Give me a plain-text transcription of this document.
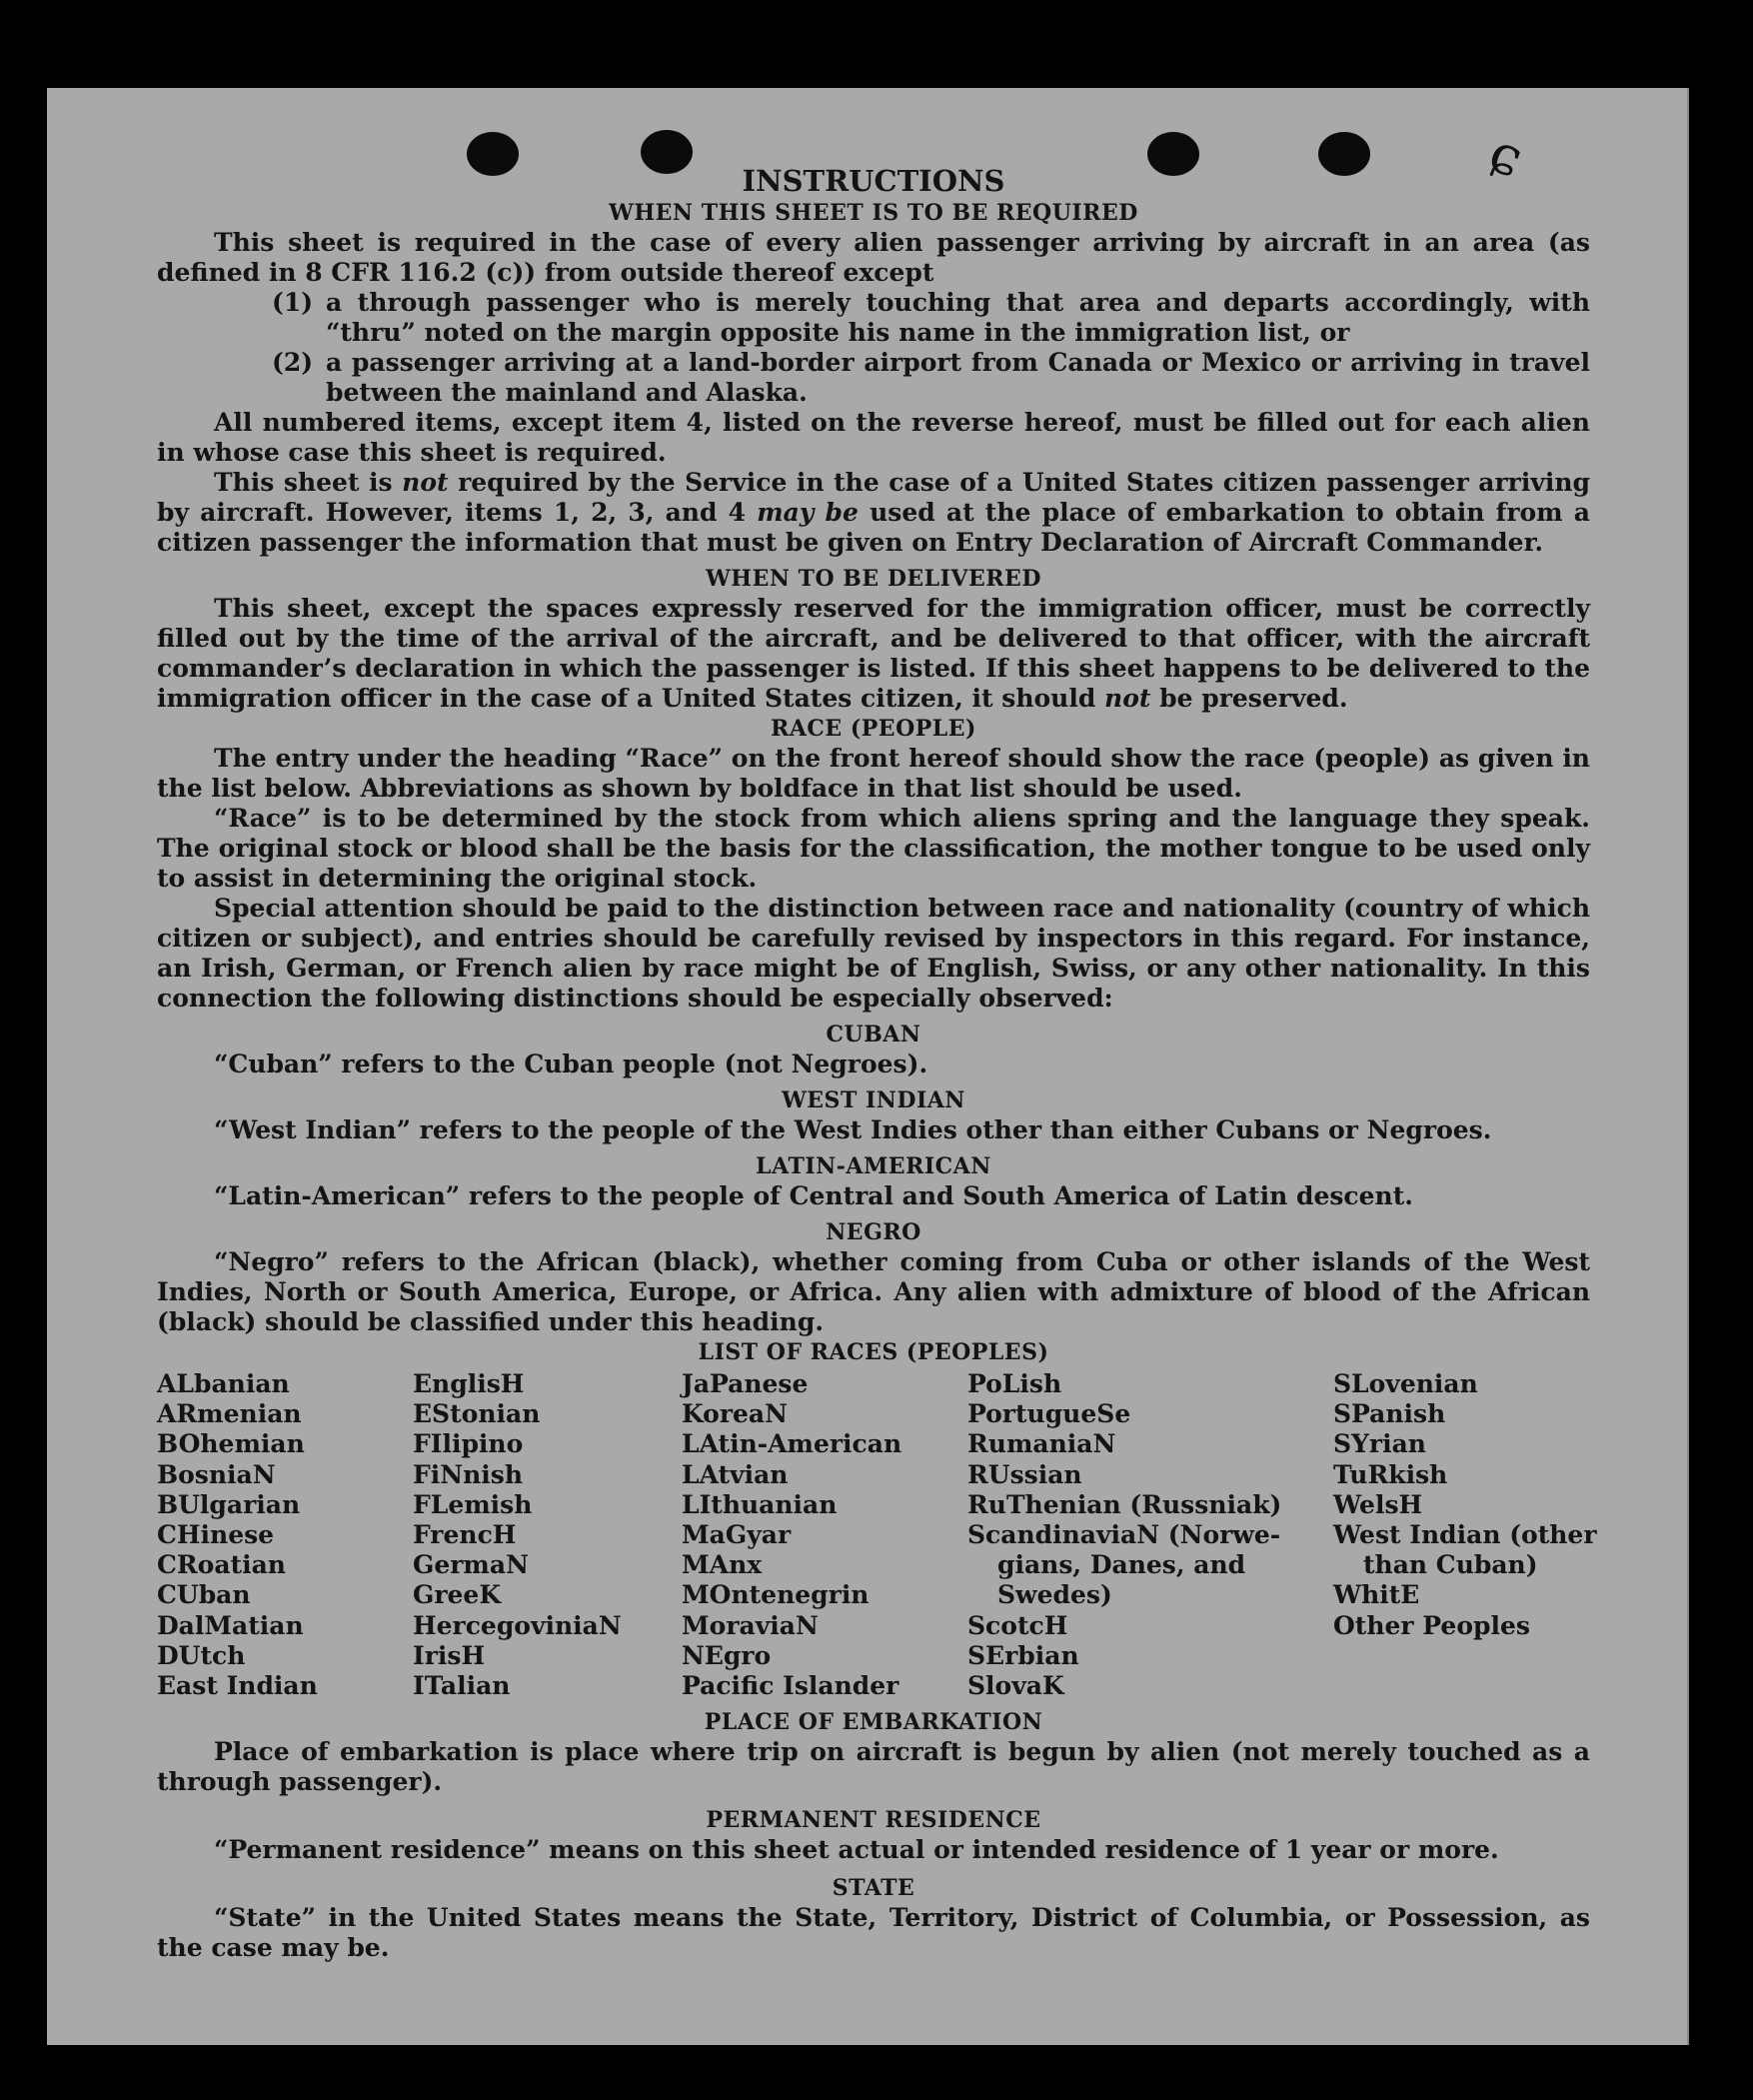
ɕ
INSTRUCTIONS
WHEN THIS SHEET IS TO BE REQUIRED

This sheet is required in the case of every alien passenger arriving by aircraft in an area (as defined in 8 CFR 116.2 (c)) from outside thereof except

(1) a through passenger who is merely touching that area and departs accordingly, with “thru” noted on the margin opposite his name in the immigration list, or
(2) a passenger arriving at a land-border airport from Canada or Mexico or arriving in travel between the mainland and Alaska.

All numbered items, except item 4, listed on the reverse hereof, must be filled out for each alien in whose case this sheet is required.

This sheet is not required by the Service in the case of a United States citizen passenger arriving by aircraft. However, items 1, 2, 3, and 4 may be used at the place of embarkation to obtain from a citizen passenger the information that must be given on Entry Declaration of Aircraft Commander.

WHEN TO BE DELIVERED

This sheet, except the spaces expressly reserved for the immigration officer, must be correctly filled out by the time of the arrival of the aircraft, and be delivered to that officer, with the aircraft commander’s declaration in which the passenger is listed. If this sheet happens to be delivered to the immigration officer in the case of a United States citizen, it should not be preserved.

RACE (PEOPLE)

The entry under the heading “Race” on the front hereof should show the race (people) as given in the list below. Abbreviations as shown by boldface in that list should be used.

“Race” is to be determined by the stock from which aliens spring and the language they speak. The original stock or blood shall be the basis for the classification, the mother tongue to be used only to assist in determining the original stock.

Special attention should be paid to the distinction between race and nationality (country of which citizen or subject), and entries should be carefully revised by inspectors in this regard. For instance, an Irish, German, or French alien by race might be of English, Swiss, or any other nationality. In this connection the following distinctions should be especially observed:

CUBAN

“Cuban” refers to the Cuban people (not Negroes).

WEST INDIAN

“West Indian” refers to the people of the West Indies other than either Cubans or Negroes.

LATIN-AMERICAN

“Latin-American” refers to the people of Central and South America of Latin descent.

NEGRO

“Negro” refers to the African (black), whether coming from Cuba or other islands of the West Indies, North or South America, Europe, or Africa. Any alien with admixture of blood of the African (black) should be classified under this heading.

LIST OF RACES (PEOPLES)
ALbanian
ARmenian
BOhemian
BosniaN
BUlgarian
CHinese
CRoatian
CUban
DalMatian
DUtch
East Indian
EnglisH
EStonian
FIlipino
FiNnish
FLemish
FrencH
GermaN
GreeK
HercegoviniaN
IrisH
ITalian
JaPanese
KoreaN
LAtin-American
LAtvian
LIthuanian
MaGyar
MAnx
MOntenegrin
MoraviaN
NEgro
Pacific Islander
PoLish
PortugueSe
RumaniaN
RUssian
RuThenian (Russniak)
ScandinaviaN (Norwe-
gians, Danes, and
Swedes)
ScotcH
SErbian
SlovaK
SLovenian
SPanish
SYrian
TuRkish
WelsH
West Indian (other
than Cuban)
WhitE
Other Peoples
PLACE OF EMBARKATION

Place of embarkation is place where trip on aircraft is begun by alien (not merely touched as a through passenger).

PERMANENT RESIDENCE

“Permanent residence” means on this sheet actual or intended residence of 1 year or more.

STATE

“State” in the United States means the State, Territory, District of Columbia, or Possession, as the case may be.
